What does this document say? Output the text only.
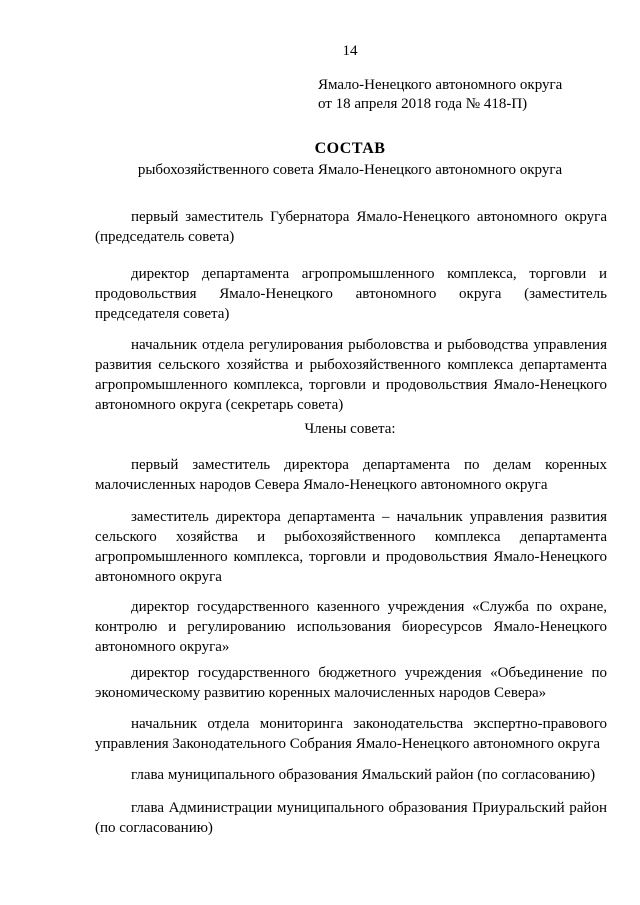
14
Ямало-Ненецкого автономного округа
от 18 апреля 2018 года № 418-П)
СОСТАВ
рыбохозяйственного совета Ямало-Ненецкого автономного округа

первый заместитель Губернатора Ямало-Ненецкого автономного округа (председатель совета)

директор департамента агропромышленного комплекса, торговли и продовольствия Ямало-Ненецкого автономного округа (заместитель председателя совета)

начальник отдела регулирования рыболовства и рыбоводства управления развития сельского хозяйства и рыбохозяйственного комплекса департамента агропромышленного комплекса, торговли и продовольствия Ямало-Ненецкого автономного округа (секретарь совета)

Члены совета:

первый заместитель директора департамента по делам коренных малочисленных народов Севера Ямало-Ненецкого автономного округа

заместитель директора департамента – начальник управления развития сельского хозяйства и рыбохозяйственного комплекса департамента агропромышленного комплекса, торговли и продовольствия Ямало-Ненецкого автономного округа

директор государственного казенного учреждения «Служба по охране, контролю и регулированию использования биоресурсов Ямало-Ненецкого автономного округа»

директор государственного бюджетного учреждения «Объединение по экономическому развитию коренных малочисленных народов Севера»

начальник отдела мониторинга законодательства экспертно-правового управления Законодательного Собрания Ямало-Ненецкого автономного округа

глава муниципального образования Ямальский район (по согласованию)

глава Администрации муниципального образования Приуральский район (по согласованию)
